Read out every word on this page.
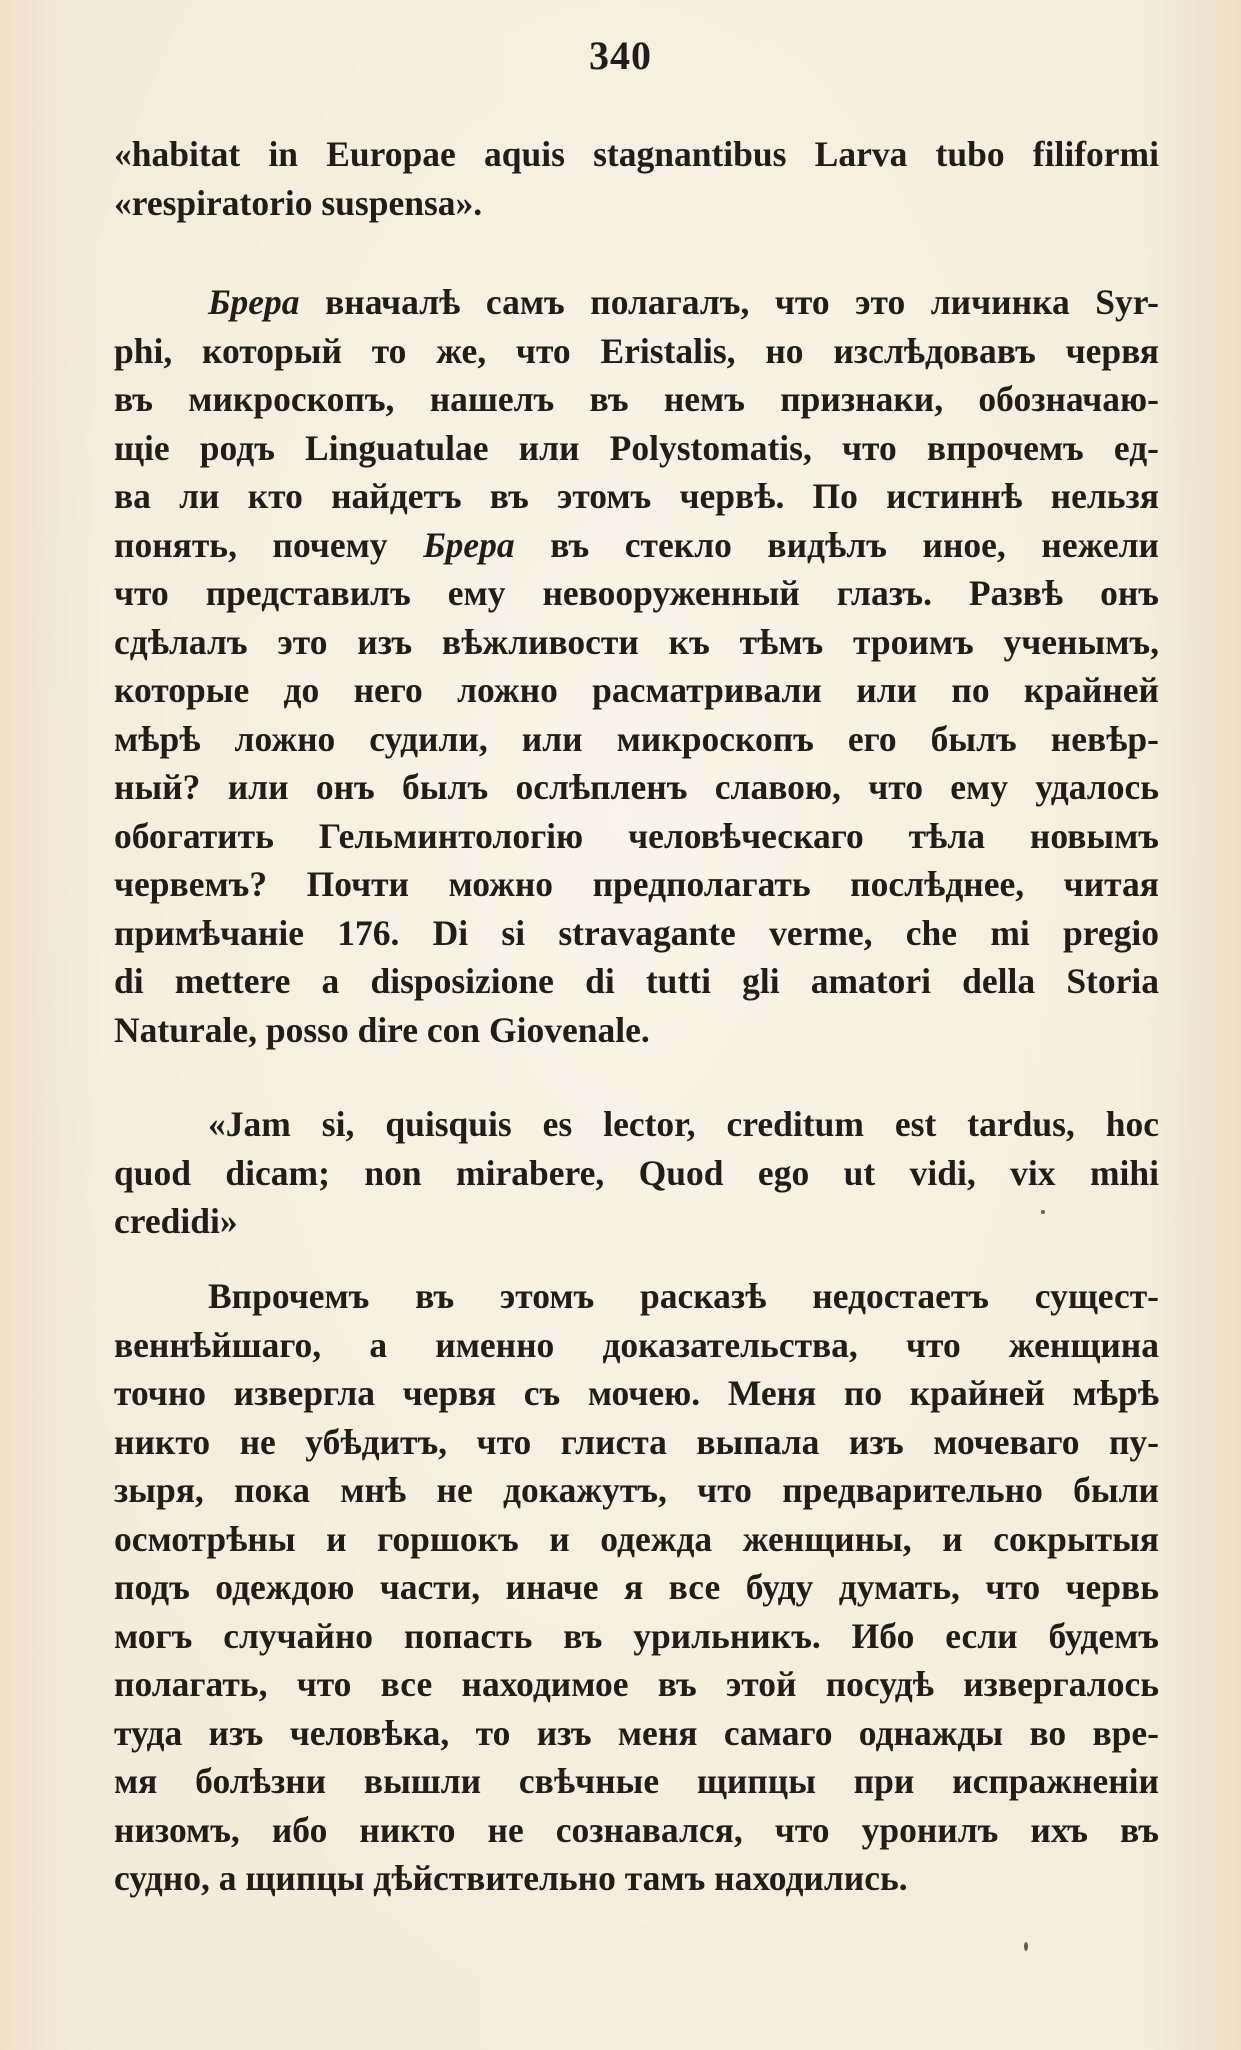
340
«habitat in Europae aquis stagnantibus Larva tubo filiformi
«respiratorio suspensa».
Брера вначалѣ самъ полагалъ, что это личинка Syr-
phi, который то же, что Eristalis, но изслѣдовавъ червя
въ микроскопъ, нашелъ въ немъ признаки, обозначаю-
щіе родъ Linguatulae или Polystomatis, что впрочемъ ед-
ва ли кто найдетъ въ этомъ червѣ. По истиннѣ нельзя
понять, почему Брера въ стекло видѣлъ иное, нежели
что представилъ ему невооруженный глазъ. Развѣ онъ
сдѣлалъ это изъ вѣжливости къ тѣмъ троимъ ученымъ,
которые до него ложно расматривали или по крайней
мѣрѣ ложно судили, или микроскопъ его былъ невѣр-
ный? или онъ былъ ослѣпленъ славою, что ему удалось
обогатить Гельминтологію человѣческаго тѣла новымъ
червемъ? Почти можно предполагать послѣднее, читая
примѣчаніе 176. Di si stravagante verme, che mi pregio
di mettere a disposizione di tutti gli amatori della Storia
Naturale, posso dire con Giovenale.
«Jam si, quisquis es lector, creditum est tardus, hoc
quod dicam; non mirabere, Quod ego ut vidi, vix mihi
credidi»
Впрочемъ въ этомъ расказѣ недостаетъ сущест-
веннѣйшаго, а именно доказательства, что женщина
точно извергла червя съ мочею. Меня по крайней мѣрѣ
никто не убѣдитъ, что глиста выпала изъ мочеваго пу-
зыря, пока мнѣ не докажутъ, что предварительно были
осмотрѣны и горшокъ и одежда женщины, и сокрытыя
подъ одеждою части, иначе я все буду думать, что червь
могъ случайно попасть въ урильникъ. Ибо если будемъ
полагать, что все находимое въ этой посудѣ извергалось
туда изъ человѣка, то изъ меня самаго однажды во вре-
мя болѣзни вышли свѣчные щипцы при испражненіи
низомъ, ибо никто не сознавался, что уронилъ ихъ въ
судно, а щипцы дѣйствительно тамъ находились.
